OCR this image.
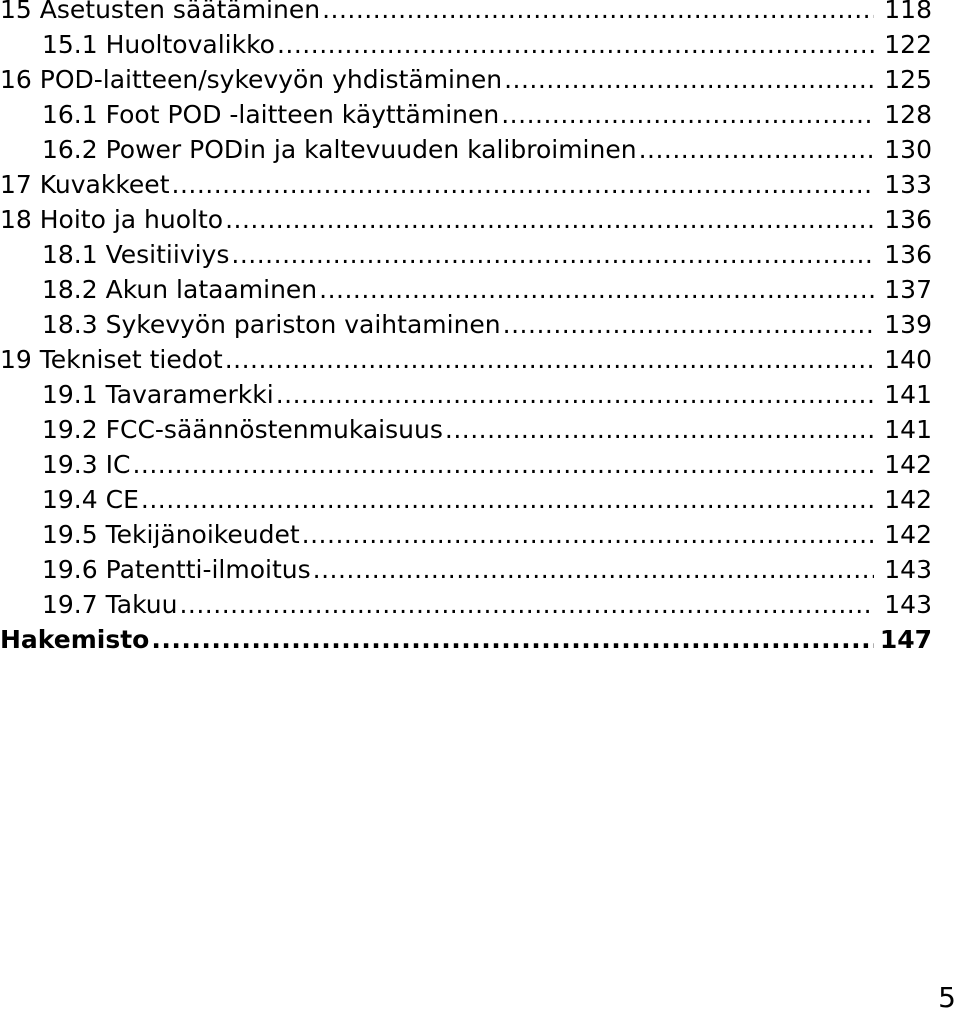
15 Asetusten säätäminen .....	118
15.1 Huoltovalikko .....	122
16 POD-laitteen/sykevyön yhdistäminen .....	125
16.1 Foot POD -laitteen käyttäminen .....	128
16.2 Power PODin ja kaltevuuden kalibroiminen .....	130
17 Kuvakkeet .....	133
18 Hoito ja huolto .....	136
18.1 Vesitiiviys .....	136
18.2 Akun lataaminen .....	137
18.3 Sykevyön pariston vaihtaminen .....	139
19 Tekniset tiedot .....	140
19.1 Tavaramerkki .....	141
19.2 FCC-säännöstenmukaisuus .....	141
19.3 IC .....	142
19.4 CE .....	142
19.5 Tekijänoikeudet .....	142
19.6 Patentti-ilmoitus .....	143
19.7 Takuu .....	143
Hakemisto .....	147
5
